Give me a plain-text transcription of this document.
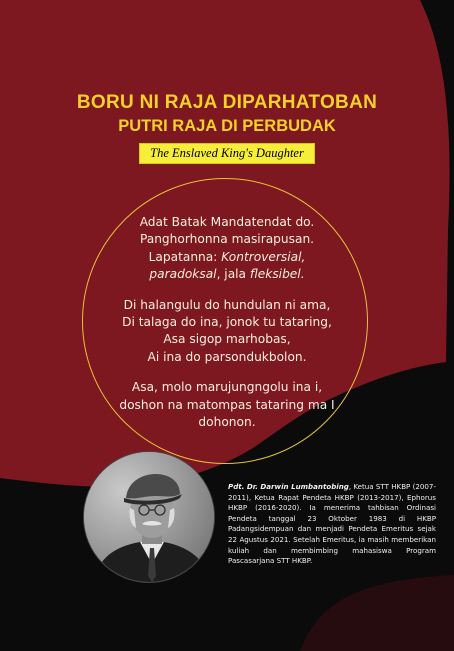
BORU NI RAJA DIPARHATOBAN
PUTRI RAJA DI PERBUDAK
The Enslaved King's Daughter
Adat Batak Mandatendat do.
Panghorhonna masirapusan.
Lapatanna: Kontroversial,
paradoksal, jala fleksibel.
Di halangulu do hundulan ni ama,
Di talaga do ina, jonok tu tataring,
Asa sigop marhobas,
Ai ina do parsondukbolon.
Asa, molo marujungngolu ina i,
doshon na matompas tataring ma I
dohonon.
Pdt. Dr. Darwin Lumbantobing, Ketua STT HKBP (2007-2011), Ketua Rapat Pendeta HKBP (2013-2017), Ephorus HKBP (2016-2020). Ia menerima tahbisan Ordinasi Pendeta tanggal 23 Oktober 1983 di HKBP Padangsidempuan dan menjadi Pendeta Emeritus sejak 22 Agustus 2021. Setelah Emeritus, ia masih memberikan kuliah dan membimbing mahasiswa Program Pascasarjana STT HKBP.
